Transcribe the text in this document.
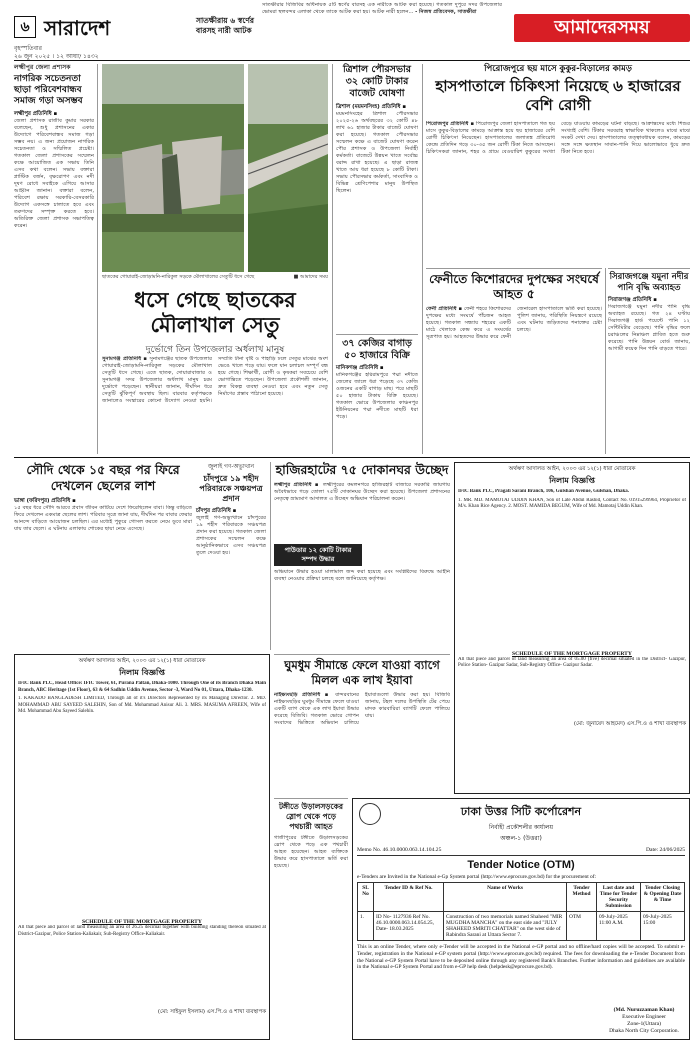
৬ সারাদেশ
বৃহস্পতিবার
২৬ জুন ২০২৫ । ১২ আষাঢ় ১৪৩২
সাতক্ষীরায় ৬ স্বর্ণের বারসহ নারী আটক
সাতক্ষীরার বিজিবির অধিনায়ক ৫টি স্বর্ণের বারসহ এক নারীকে আটক করা হয়েছে। গতকাল দুপুরে সদর উপজেলার ভোমরা স্থলবন্দর এলাকা থেকে তাকে আটক করা হয়। আটক নারী হলেন... - নিজস্ব প্রতিবেদক, সাতক্ষীরা
আমাদেরসময়
লক্ষ্মীপুর জেলা প্রশাসক
নাগরিক সচেতনতা ছাড়া পরিবেশবান্ধব সমাজ গড়া অসম্ভব
লক্ষ্মীপুর প্রতিনিধি ▪
জেলা প্রশাসক রাজীব কুমার সরকার বলেছেন, শুধু প্রশাসনের একার উদ্যোগে পরিবেশবান্ধব সমাজ গড়া সম্ভব নয়। এ জন্য প্রয়োজন নাগরিক সচেতনতা ও সম্মিলিত প্রচেষ্টা। গতকাল জেলা প্রশাসকের সম্মেলন কক্ষে আয়োজিত এক সভায় তিনি এসব কথা বলেন। সভায় বক্তারা প্লাস্টিক বর্জন, বৃক্ষরোপণ এবং নদী দূষণ রোধে সবাইকে এগিয়ে আসার আহ্বান জানান। বক্তারা বলেন, পরিবেশ রক্ষায় সরকারি-বেসরকারি উদ্যোগ একসঙ্গে চালাতে হবে এবং তরুণদের সম্পৃক্ত করতে হবে। অতিরিক্ত জেলা প্রশাসক সভাপতিত্ব করেন।
ছাতকের গোয়ারাই-জোড়ামনি-নারিকুল সড়কে মৌলাখালের সেতুটি ধসে গেছে	■ আমাদের সময়
ধসে গেছে ছাতকের মৌলাখাল সেতু
দুর্ভোগে তিন উপজেলার অর্ধলাখ মানুষ
সুনামগঞ্জ প্রতিনিধি ▪ সুনামগঞ্জের ছাতক উপজেলার গোয়ারাই-জোড়ামনি-নারিকুল সড়কের মৌলাখাল সেতুটি ধসে গেছে। এতে ছাতক, দোয়ারাবাজার ও সুনামগঞ্জ সদর উপজেলার অর্ধলাখ মানুষ চরম দুর্ভোগে পড়েছেন। স্থানীয়রা জানান, দীর্ঘদিন ধরে সেতুটি ঝুঁকিপূর্ণ অবস্থায় ছিল। বারবার কর্তৃপক্ষকে জানালেও সংস্কারের কোনো উদ্যোগ নেওয়া হয়নি। সম্প্রতি টানা বৃষ্টি ও পাহাড়ি ঢলে সেতুর মাঝের অংশ ভেঙে খালে পড়ে যায়। ফলে যান চলাচল সম্পূর্ণ বন্ধ হয়ে গেছে। শিক্ষার্থী, রোগী ও কৃষকরা সবচেয়ে বেশি ভোগান্তিতে পড়েছেন। উপজেলা প্রকৌশলী জানান, দ্রুত বিকল্প ব্যবস্থা নেওয়া হবে এবং নতুন সেতু নির্মাণের প্রস্তাব পাঠানো হয়েছে।
ত্রিশাল পৌরসভার ৩২ কোটি টাকার বাজেট ঘোষণা
ত্রিশাল (ময়মনসিংহ) প্রতিনিধি ▪
ময়মনসিংহের ত্রিশাল পৌরসভার ২০২৫-২৬ অর্থবছরের ৩২ কোটি ৪৮ লাখ ৬১ হাজার টাকার বাজেট ঘোষণা করা হয়েছে। গতকাল পৌরসভার সম্মেলন কক্ষে এ বাজেট ঘোষণা করেন পৌর প্রশাসক ও উপজেলা নির্বাহী কর্মকর্তা। বাজেটে উন্নয়ন খাতে সর্বোচ্চ বরাদ্দ রাখা হয়েছে। এ ছাড়া রাজস্ব খাতে আয় ধরা হয়েছে ৮ কোটি টাকা। সভায় পৌরসভার কর্মকর্তা, সাংবাদিক ও বিভিন্ন শ্রেণিপেশার মানুষ উপস্থিত ছিলেন।
৩৭ কেজির বাগাড় ৫০ হাজারে বিক্রি
মানিকগঞ্জ প্রতিনিধি ▪
মানিকগঞ্জের হরিরামপুরে পদ্মা নদীতে জেলের জালে ধরা পড়েছে ৩৭ কেজি ওজনের একটি বাগাড় মাছ। পরে মাছটি ৫০ হাজার টাকায় বিক্রি হয়েছে। গতকাল ভোরে উপজেলার কাঞ্চনপুর ইউনিয়নের পদ্মা নদীতে মাছটি ধরা পড়ে।
পিরোজপুরে ছয় মাসে কুকুর-বিড়ালের কামড়
হাসপাতালে চিকিৎসা নিয়েছে ৬ হাজারের বেশি রোগী
পিরোজপুর প্রতিনিধি ▪ পিরোজপুর জেলা হাসপাতালে গত ছয় মাসে কুকুর-বিড়ালের কামড়ে আক্রান্ত হয়ে ছয় হাজারের বেশি রোগী চিকিৎসা নিয়েছেন। হাসপাতালের জলাতঙ্ক প্রতিরোধ কেন্দ্রে প্রতিদিন গড়ে ৩০-৩৫ জন রোগী টিকা নিতে আসছেন। চিকিৎসকরা জানান, শহর ও গ্রামে বেওয়ারিশ কুকুরের সংখ্যা বেড়ে যাওয়ায় কামড়ের ঘটনা বাড়ছে। আক্রান্তদের মধ্যে শিশুর সংখ্যাই বেশি। টিকার সরবরাহ স্বাভাবিক থাকলেও মাঝে মাঝে সংকট দেখা দেয়। হাসপাতালের তত্ত্বাবধায়ক বলেন, কামড়ের সঙ্গে সঙ্গে ক্ষতস্থান সাবান-পানি দিয়ে ভালোভাবে ধুয়ে দ্রুত টিকা নিতে হবে।
ফেনীতে কিশোরদের দুপক্ষের সংঘর্ষে আহত ৫
ফেনী প্রতিনিধি ▪ ফেনী শহরে কিশোরদের দুপক্ষের মধ্যে সংঘর্ষে পাঁচজন আহত হয়েছে। গতকাল সন্ধ্যায় শহরের একটি মাঠে খেলাকে কেন্দ্র করে এ সংঘর্ষের সূত্রপাত হয়। আহতদের উদ্ধার করে ফেনী জেনারেল হাসপাতালে ভর্তি করা হয়েছে। পুলিশ জানায়, পরিস্থিতি নিয়ন্ত্রণে রয়েছে এবং ঘটনায় জড়িতদের শনাক্তের চেষ্টা চলছে।
সিরাজগঞ্জে যমুনা নদীর পানি বৃদ্ধি অব্যাহত
সিরাজগঞ্জ প্রতিনিধি ▪
সিরাজগঞ্জে যমুনা নদীর পানি বৃদ্ধি অব্যাহত রয়েছে। গত ২৪ ঘণ্টায় সিরাজগঞ্জ হার্ড পয়েন্টে পানি ১২ সেন্টিমিটার বেড়েছে। পানি বৃদ্ধির ফলে চরাঞ্চলের নিম্নাঞ্চল প্লাবিত হতে শুরু করেছে। পানি উন্নয়ন বোর্ড জানায়, আগামী কয়েক দিন পানি বাড়তে পারে।
সৌদি থেকে ১৫ বছর পর ফিরে দেখলেন ছেলের লাশ
ভাঙ্গা (ফরিদপুর) প্রতিনিধি ▪
১৫ বছর ধরে সৌদি আরবে প্রবাস জীবন কাটিয়ে দেশে ফিরেছিলেন বাবা। কিন্তু বাড়িতে ফিরে দেখলেন একমাত্র ছেলের লাশ। পরিবার সূত্রে জানা যায়, দীর্ঘদিন পর বাবার ফেরার আনন্দে বাড়িতে আয়োজন চলছিল। এর মধ্যেই পুকুরে গোসল করতে নেমে ডুবে মারা যায় তার ছেলে। এ ঘটনায় এলাকায় শোকের ছায়া নেমে এসেছে।
জুলাই গণ-অভ্যুত্থান
চাঁদপুরে ১৯ শহীদ পরিবারকে সঞ্চয়পত্র প্রদান
চাঁদপুর প্রতিনিধি ▪
জুলাই গণ-অভ্যুত্থানে চাঁদপুরের ১৯ শহীদ পরিবারকে সঞ্চয়পত্র প্রদান করা হয়েছে। গতকাল জেলা প্রশাসকের সম্মেলন কক্ষে আনুষ্ঠানিকভাবে এসব সঞ্চয়পত্র তুলে দেওয়া হয়।
হাজিরহাটের ৭৫ দোকানঘর উচ্ছেদ
লক্ষ্মীপুর প্রতিনিধি ▪ লক্ষ্মীপুরের কমলনগরে হাজিরহাট বাজারে সরকারি জায়গায় অবৈধভাবে গড়ে তোলা ৭৫টি দোকানঘর উচ্ছেদ করা হয়েছে। উপজেলা প্রশাসনের নেতৃত্বে ভ্রাম্যমাণ আদালত এ উচ্ছেদ অভিযান পরিচালনা করেন।
পাউডার ১২ কোটি টাকার সম্পদ উদ্ধার
অভিযানে উদ্ধার হওয়া মালামাল জব্দ করা হয়েছে এবং সংশ্লিষ্টদের বিরুদ্ধে আইনি ব্যবস্থা নেওয়ার প্রক্রিয়া চলছে বলে জানিয়েছে কর্তৃপক্ষ।
অর্থঋণ আদালত আইন, ২০০৩ এর ১২(১) ধারা মোতাবেক
নিলাম বিজ্ঞপ্তি
IFIC Bank PLC, Pragati Sarani Branch, 106, Gulshan Avenue, Gulshan, Dhaka.
1. MR. MD. MAMOTAJ UDDIN KHAN, Son of Late Abdul Rashid, Contact No. 01915299964, Proprietor of M/s. Khan Rice Agency. 2. MOST. MAMIDA BEGUM, Wife of Md. Mamotaj Uddin Khan.
SCHEDULE OF THE MORTGAGE PROPERTY
All that piece and parcel of land measuring an area of 05.00 (five) decimal situated in the District- Gazipur, Police Station- Gazipur Sadar, Sub-Registry Office- Gazipur Sadar.
(মো: জুনায়েদ আহমেদ) এস.পি.ও ও শাখা ব্যবস্থাপক
ঘুমধুম সীমান্তে ফেলে যাওয়া ব্যাগে মিলল এক লাখ ইয়াবা
নাইক্ষ্যংছড়ি প্রতিনিধি ▪ বান্দরবানের নাইক্ষ্যংছড়ির ঘুমধুম সীমান্তে ফেলে যাওয়া একটি ব্যাগ থেকে এক লাখ ইয়াবা উদ্ধার করেছে বিজিবি। গতকাল ভোরে গোপন সংবাদের ভিত্তিতে অভিযান চালিয়ে ইয়াবাগুলো উদ্ধার করা হয়। বিজিবি জানায়, টহল দলের উপস্থিতি টের পেয়ে মাদক কারবারিরা ব্যাগটি ফেলে পালিয়ে যায়।
অর্থঋণ আদালত আইন, ২০০৩ এর ১২(১) ধারা মোতাবেক
নিলাম বিজ্ঞপ্তি
IFIC Bank PLC, Head Office: IFIC Tower, 61, Purana Paltan, Dhaka-1000. Through One of its Branch Dhaka Main Branch, ABC Heritage (1st Floor), 63 & 64 Sadhin Uddin Avenue, Sector -3, Ward No 01, Uttara, Dhaka-1230.
1. KAKADO BANGLADESH LIMITED, Through all of it's Directors Represented by its Managing Director. 2. MD. MOHAMMAD ABU SAYEED SALEHIN, Son of Md. Mohammad Anisur Ali. 3. MRS. MASUMA AFREEN, Wife of Md. Mohammad Abu Sayeed Salehin.
SCHEDULE OF THE MORTGAGE PROPERTY
All that piece and parcel of land measuring an area of 26.25 decimal together with building standing thereon situated at District-Gazipur, Police Station-Kaliakair, Sub-Registry Office-Kaliakair.
(মো: সাইফুল ইসলাম) এস.পি.ও ও শাখা ব্যবস্থাপক
টঙ্গীতে উড়ালসড়কের স্লোপ থেকে পড়ে পথচারী আহত
গাজীপুরের টঙ্গীতে উড়ালসড়কের স্লোপ থেকে পড়ে এক পথচারী আহত হয়েছেন। আহত ব্যক্তিকে উদ্ধার করে হাসপাতালে ভর্তি করা হয়েছে।
ঢাকা উত্তর সিটি কর্পোরেশন
নির্বাহী প্রকৌশলীর কার্যালয়
অঞ্চল-১ (উত্তরা)
Memo No. 46.10.0000.063.14.104.25	Date: 24/06/2025
Tender Notice (OTM)
e-Tenders are Invited in the National e-Gp System portal (http://www.eprocure.gov.bd) for the procurement of:
SL No	Tender ID & Ref No.	Name of Works	Tender Method	Last date and Time for Tender Security Submission	Tender Closing & Opening Date & Time
1.	ID No- 1127936 Ref No. 46.10.0000.063.14.054.25, Date- 18.03.2025	Construction of two memorials named Shaheed "MIR MUGDHA MANCHA" on the east side and "JULY SHAHEED SMRITI CHATTAR" on the west side of Rabindra Sarani at Uttara Sector 7.	OTM	09-July-2025 11:00 A.M.	09-July-2025 15:00
This is an online Tender, where only e-Tender will be accepted in the National e-GP portal and no offline/hard copies will be accepted. To submit e-Tender, registration in the National e-GP system portal (http://www.eprocure.gov.bd) required. The fees for downloading the e-Tender Document from the National e-GP System Portal have to be deposited online through any registered Bank's Branches. Further information and guidelines are available in the National e-GP System Portal and from e-GP help desk (helpdesk@eprocure.gov.bd).
(Md. Nuruzzaman Khan)
Executive Engineer
Zone-1(Uttara)
Dhaka North City Corporation.
